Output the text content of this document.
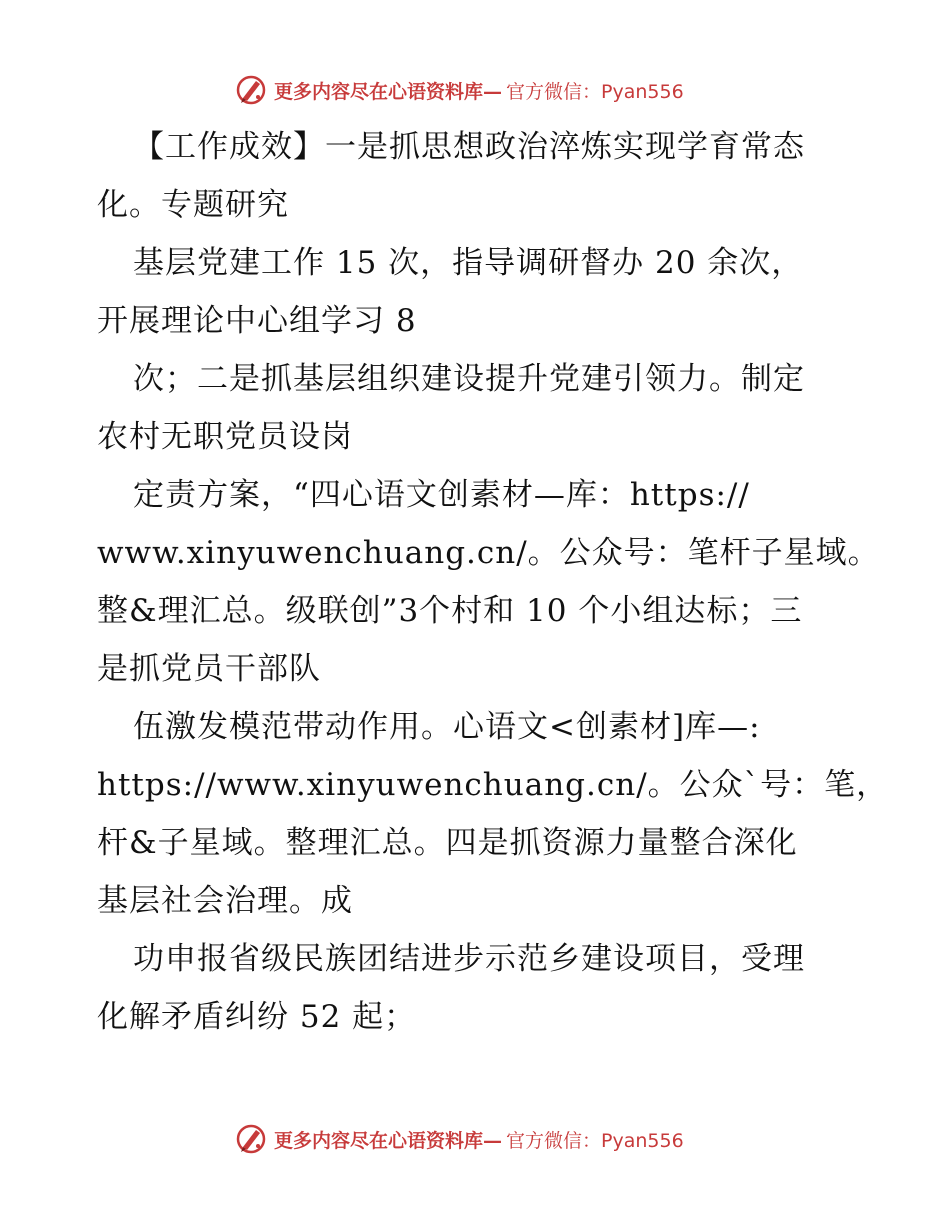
更多内容尽在心语资料库— 官方微信：Pyan556
【工作成效】一是抓思想政治淬炼实现学育常态
化。专题研究
基层党建工作 15 次，指导调研督办 20 余次，
开展理论中心组学习 8
次；二是抓基层组织建设提升党建引领力。制定
农村无职党员设岗
定责方案，“四心语文创素材—库：https://
www.xinyuwenchuang.cn/。公众号：笔杆子星域。
整&理汇总。级联创”3个村和 10 个小组达标；三
是抓党员干部队
伍激发模范带动作用。心语文<创素材]库—:
https://www.xinyuwenchuang.cn/。公众`号：笔，
杆&子星域。整理汇总。四是抓资源力量整合深化
基层社会治理。成
功申报省级民族团结进步示范乡建设项目，受理
化解矛盾纠纷 52 起；
更多内容尽在心语资料库— 官方微信：Pyan556
